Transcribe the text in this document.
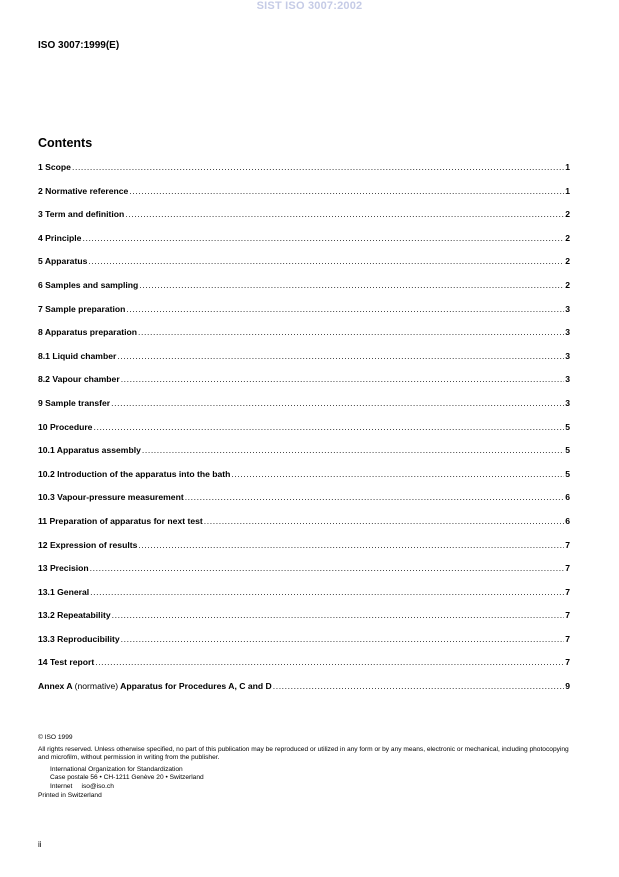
SIST ISO 3007:2002
ISO 3007:1999(E)
Contents
1 Scope .....	1
2 Normative reference .....	1
3 Term and definition .....	2
4 Principle .....	2
5 Apparatus .....	2
6 Samples and sampling .....	2
7 Sample preparation .....	3
8 Apparatus preparation .....	3
8.1 Liquid chamber .....	3
8.2 Vapour chamber .....	3
9 Sample transfer .....	3
10 Procedure .....	5
10.1 Apparatus assembly .....	5
10.2 Introduction of the apparatus into the bath .....	5
10.3 Vapour-pressure measurement .....	6
11 Preparation of apparatus for next test .....	6
12 Expression of results .....	7
13 Precision .....	7
13.1 General .....	7
13.2 Repeatability .....	7
13.3 Reproducibility .....	7
14 Test report .....	7
Annex A (normative) Apparatus for Procedures A, C and D .....	9
© ISO 1999
All rights reserved. Unless otherwise specified, no part of this publication may be reproduced or utilized in any form or by any means, electronic or mechanical, including photocopying and microfilm, without permission in writing from the publisher.
International Organization for Standardization
Case postale 56 • CH-1211 Genève 20 • Switzerland
Internet     iso@iso.ch
Printed in Switzerland
ii
